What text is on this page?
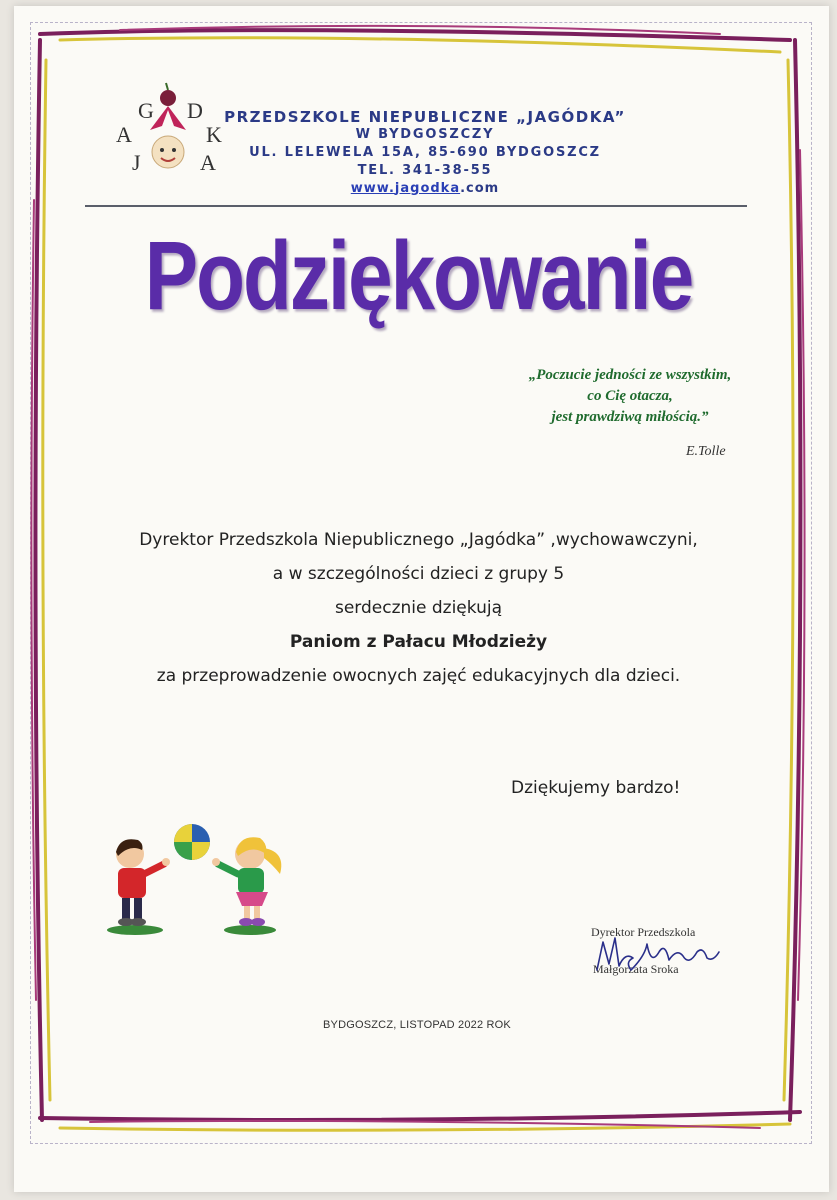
G D
A	K
J	A
PRZEDSZKOLE NIEPUBLICZNE „JAGÓDKA”
W BYDGOSZCZY
UL. LELEWELA 15A, 85-690 BYDGOSZCZ
TEL. 341-38-55
www.jagodka.com
Podziękowanie
„Poczucie jedności ze wszystkim,
co Cię otacza,
jest prawdziwą miłością.”
E.Tolle
Dyrektor Przedszkola Niepublicznego „Jagódka” ,wychowawczyni,
a w szczególności dzieci z grupy 5
serdecznie dziękują
Paniom z Pałacu Młodzieży
za przeprowadzenie owocnych zajęć edukacyjnych dla dzieci.
Dziękujemy bardzo!
Dyrektor Przedszkola
Małgorzata Sroka
BYDGOSZCZ, LISTOPAD 2022 ROK
